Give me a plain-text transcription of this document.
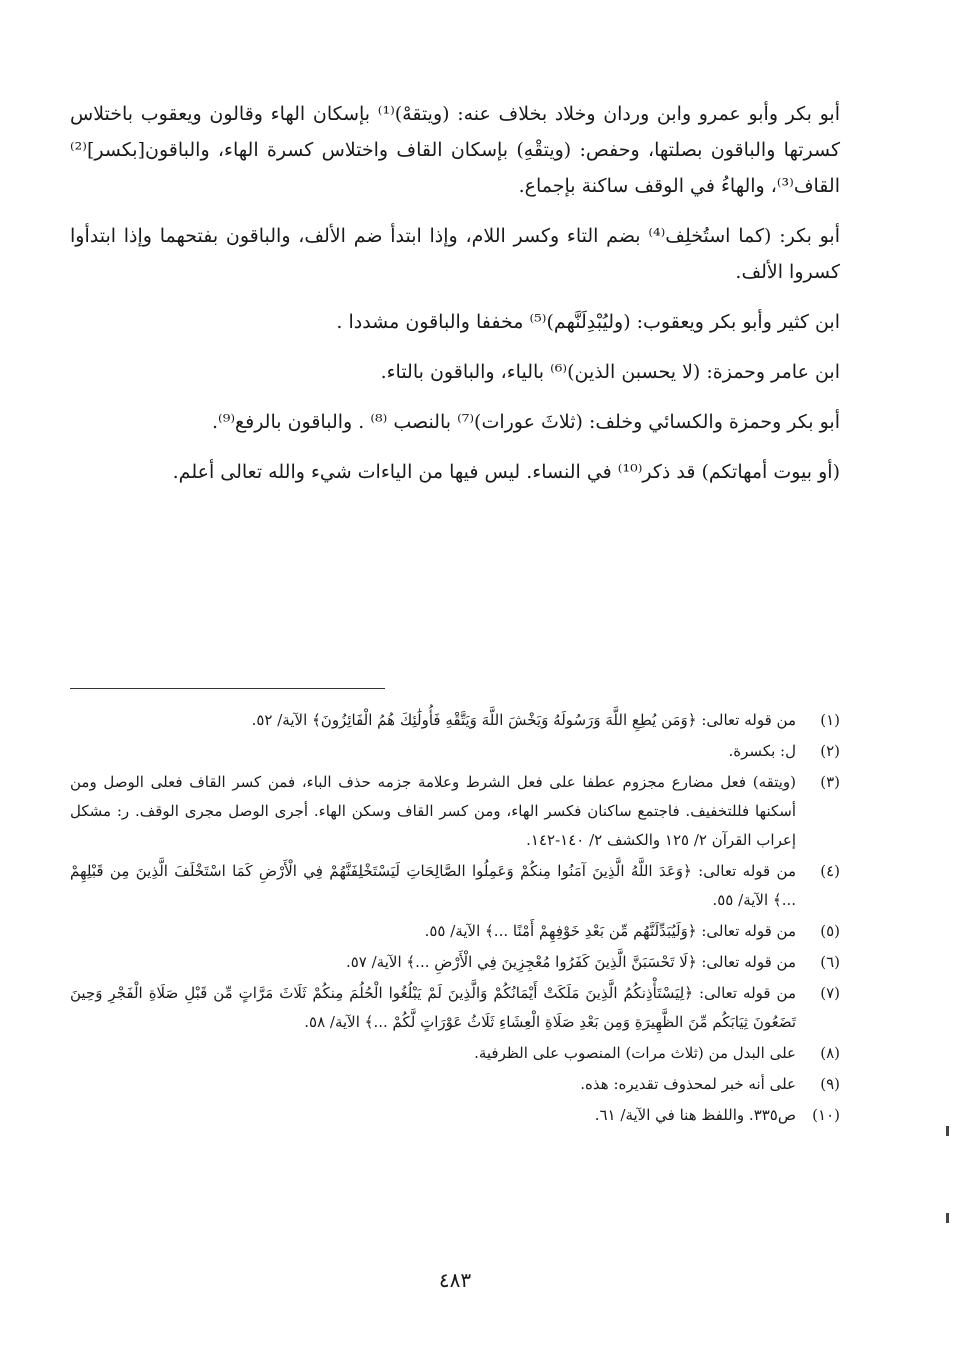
أبو بكر وأبو عمرو وابن وردان وخلاد بخلاف عنه: (ويتقهْ)⁽¹⁾ بإسكان الهاء وقالون ويعقوب باختلاس كسرتها والباقون بصلتها، وحفص: (ويتقْهِ) بإسكان القاف واختلاس كسرة الهاء، والباقون[بكسر]⁽²⁾ القاف⁽³⁾، والهاءُ في الوقف ساكنة بإجماع.

أبو بكر: (كما استُخلِف⁽⁴⁾ بضم التاء وكسر اللام، وإذا ابتدأ ضم الألف، والباقون بفتحهما وإذا ابتدأوا كسروا الألف.

ابن كثير وأبو بكر ويعقوب: (وليُبْدِلَنَّهم)⁽⁵⁾ مخففا والباقون مشددا .

ابن عامر وحمزة: (لا يحسبن الذين)⁽⁶⁾ بالياء، والباقون بالتاء.

أبو بكر وحمزة والكسائي وخلف: (ثلاثَ عورات)⁽⁷⁾ بالنصب ⁽⁸⁾ . والباقون بالرفع⁽⁹⁾.

(أو بيوت أمهاتكم) قد ذكر⁽¹⁰⁾ في النساء. ليس فيها من الياءات شيء والله تعالى أعلم.

(١)
من قوله تعالى: ﴿وَمَن يُطِعِ اللَّهَ وَرَسُولَهُ وَيَخْشَ اللَّهَ وَيَتَّقْهِ فَأُولَٰئِكَ هُمُ الْفَائِزُونَ﴾ الآية/ ٥٢.
(٢)
ل: بكسرة.
(٣)
(ويتقه) فعل مضارع مجزوم عطفا على فعل الشرط وعلامة جزمه حذف الباء، فمن كسر القاف فعلى الوصل ومن أسكنها فللتخفيف. فاجتمع ساكنان فكسر الهاء، ومن كسر القاف وسكن الهاء. أجرى الوصل مجرى الوقف. ر: مشكل إعراب القرآن ٢/ ١٢٥ والكشف ٢/ ١٤٠-١٤٢.
(٤)
من قوله تعالى: ﴿وَعَدَ اللَّهُ الَّذِينَ آمَنُوا مِنكُمْ وَعَمِلُوا الصَّالِحَاتِ لَيَسْتَخْلِفَنَّهُمْ فِي الْأَرْضِ كَمَا اسْتَخْلَفَ الَّذِينَ مِن قَبْلِهِمْ ...﴾ الآية/ ٥٥.
(٥)
من قوله تعالى: ﴿وَلَيُبَدِّلَنَّهُم مِّن بَعْدِ خَوْفِهِمْ أَمْنًا ...﴾ الآية/ ٥٥.
(٦)
من قوله تعالى: ﴿لَا تَحْسَبَنَّ الَّذِينَ كَفَرُوا مُعْجِزِينَ فِي الْأَرْضِ ...﴾ الآية/ ٥٧.
(٧)
من قوله تعالى: ﴿لِيَسْتَأْذِنكُمُ الَّذِينَ مَلَكَتْ أَيْمَانُكُمْ وَالَّذِينَ لَمْ يَبْلُغُوا الْحُلُمَ مِنكُمْ ثَلَاثَ مَرَّاتٍ مِّن قَبْلِ صَلَاةِ الْفَجْرِ وَحِينَ تَضَعُونَ ثِيَابَكُم مِّنَ الظَّهِيرَةِ وَمِن بَعْدِ صَلَاةِ الْعِشَاءِ ثَلَاثُ عَوْرَاتٍ لَّكُمْ ...﴾ الآية/ ٥٨.
(٨)
على البدل من (ثلاث مرات) المنصوب على الظرفية.
(٩)
على أنه خبر لمحذوف تقديره: هذه.
(١٠)
ص٣٣٥. واللفظ هنا في الآية/ ٦١.
٤٨٣
